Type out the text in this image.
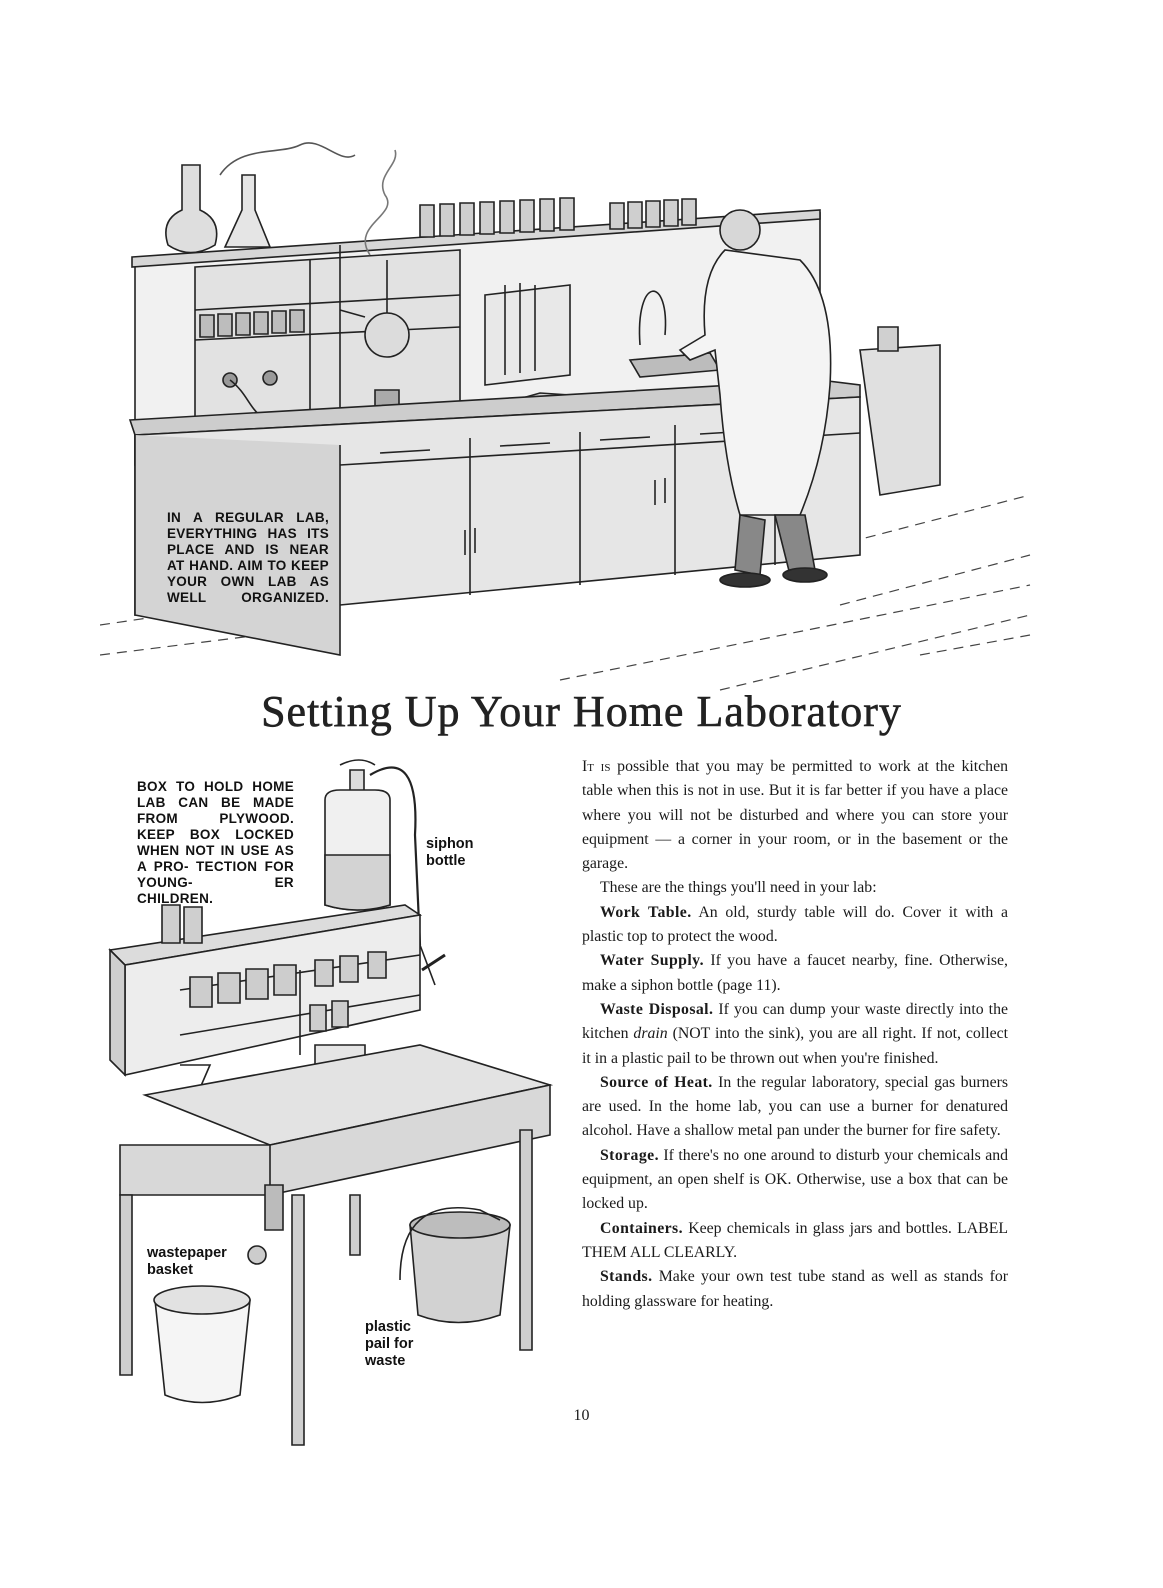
IN A REGULAR LAB, EVERYTHING HAS ITS PLACE AND IS NEAR AT HAND. AIM TO KEEP YOUR OWN LAB AS WELL ORGANIZED.
Setting Up Your Home Laboratory
BOX TO HOLD HOME LAB CAN BE MADE FROM PLYWOOD. KEEP BOX LOCKED WHEN NOT IN USE AS A PRO- TECTION FOR YOUNG- ER CHILDREN.
siphon
bottle
wastepaper
basket
plastic
pail for
waste

It is possible that you may be permitted to work at the kitchen table when this is not in use. But it is far better if you have a place where you will not be disturbed and where you can store your equipment — a corner in your room, or in the basement or the garage.

These are the things you'll need in your lab:

Work Table. An old, sturdy table will do. Cover it with a plastic top to protect the wood.

Water Supply. If you have a faucet nearby, fine. Otherwise, make a siphon bottle (page 11).

Waste Disposal. If you can dump your waste directly into the kitchen drain (NOT into the sink), you are all right. If not, collect it in a plastic pail to be thrown out when you're finished.

Source of Heat. In the regular laboratory, special gas burners are used. In the home lab, you can use a burner for denatured alcohol. Have a shallow metal pan under the burner for fire safety.

Storage. If there's no one around to disturb your chemicals and equipment, an open shelf is OK. Otherwise, use a box that can be locked up.

Containers. Keep chemicals in glass jars and bottles. LABEL THEM ALL CLEARLY.

Stands. Make your own test tube stand as well as stands for holding glassware for heating.

10
